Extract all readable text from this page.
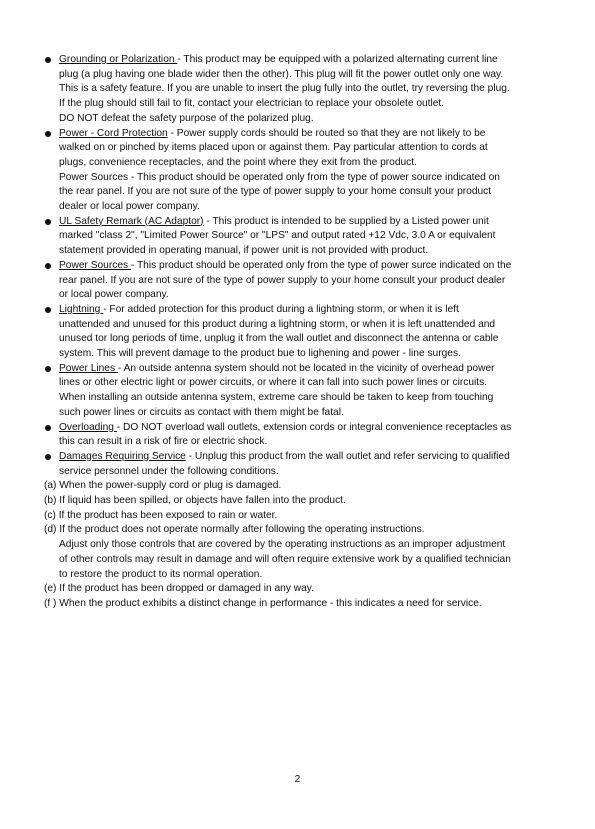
Grounding or Polarization - This product may be equipped with a polarized alternating current line
plug (a plug having one blade wider then the other). This plug will fit the power outlet only one way.
This is a safety feature. If you are unable to insert the plug fully into the outlet, try reversing the plug.
If the plug should still fail to fit, contact your electrician to replace your obsolete outlet.
DO NOT defeat the safety purpose of the polarized plug.
Power - Cord Protection - Power supply cords should be routed so that they are not likely to be
walked on or pinched by items placed upon or against them. Pay particular attention to cords at
plugs, convenience receptacles, and the point where they exit from the product.
Power Sources - This product should be operated only from the type of power source indicated on
the rear panel. If you are not sure of the type of power supply to your home consult your product
dealer or local power company.
UL Safety Remark (AC Adaptor) - This product is intended to be supplied by a Listed power unit
marked "class 2", "Limited Power Source" or "LPS" and output rated +12 Vdc, 3.0 A or equivalent
statement provided in operating manual, if power unit is not provided with product.
Power Sources - This product should be operated only from the type of power surce indicated on the
rear panel. If you are not sure of the type of power supply to your home consult your product dealer
or local power company.
Lightning - For added protection for this product during a lightning storm, or when it is left
unattended and unused for this product during a lightning storm, or when it is left unattended and
unused tor long periods of time, unplug it from the wall outlet and disconnect the antenna or cable
system. This will prevent damage to the product bue to lighening and power - line surges.
Power Lines - An outside antenna system should not be located in the vicinity of overhead power
lines or other electric light or power circuits, or where it can fall into such power lines or circuits.
When installing an outside antenna system, extreme care should be taken to keep from touching
such power lines or circuits as contact with them might be fatal.
Overloading - DO NOT overload wall outlets, extension cords or integral convenience receptacles as
this can result in a risk of fire or electric shock.
Damages Requiring Service - Unplug this product from the wall outlet and refer servicing to qualified
service personnel under the following conditions.
(a) When the power-supply cord or plug is damaged.
(b) If liquid has been spilled, or objects have fallen into the product.
(c) If the product has been exposed to rain or water.
(d) If the product does not operate normally after following the operating instructions.
Adjust only those controls that are covered by the operating instructions as an improper adjustment
of other controls may result in damage and will often require extensive work by a qualified technician
to restore the product to its normal operation.
(e) If the product has been dropped or damaged in any way.
(f ) When the product exhibits a distinct change in performance - this indicates a need for service.
2
